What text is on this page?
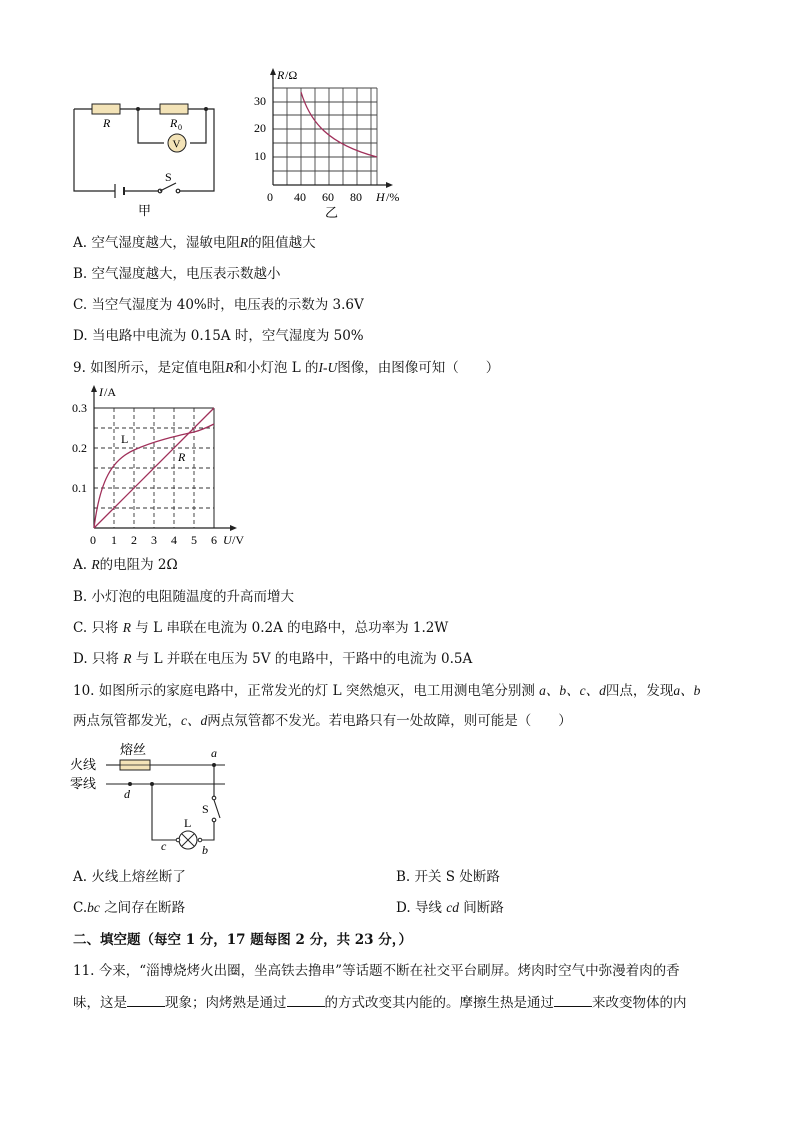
V
R	R 0
S
甲
30
20
10
0 40 60 80 H /%
R /Ω
乙
A. 空气湿度越大，湿敏电阻R的阻值越大
B. 空气湿度越大，电压表示数越小
C. 当空气湿度为 40%时，电压表的示数为 3.6V
D. 当电路中电流为 0.15A 时，空气湿度为 50%
9. 如图所示，是定值电阻R和小灯泡 L 的I-U图像，由图像可知（　　）
0.3
0.2
0.1
0 1 2 3 4 5 6 U /V
I /A
L
R
A. R的电阻为 2Ω
B. 小灯泡的电阻随温度的升高而增大
C. 只将 R 与 L 串联在电流为 0.2A 的电路中，总功率为 1.2W
D. 只将 R 与 L 并联在电压为 5V 的电路中，干路中的电流为 0.5A
10. 如图所示的家庭电路中，正常发光的灯 L 突然熄灭，电工用测电笔分别测 a、b、c、d四点，发现a、b
两点氖管都发光，c、d两点氖管都不发光。若电路只有一处故障，则可能是（　　）
火线
零线
熔丝	a
d
S
L
c	b
A. 火线上熔丝断了	B. 开关 S 处断路
C.bc 之间存在断路	D. 导线 cd 间断路
二、填空题（每空 1 分，17 题每图 2 分，共 23 分，）
11. 今来，“淄博烧烤火出圈，坐高铁去撸串”等话题不断在社交平台刷屏。烤肉时空气中弥漫着肉的香
味，这是	现象；肉烤熟是通过	的方式改变其内能的。摩擦生热是通过	来改变物体的内
